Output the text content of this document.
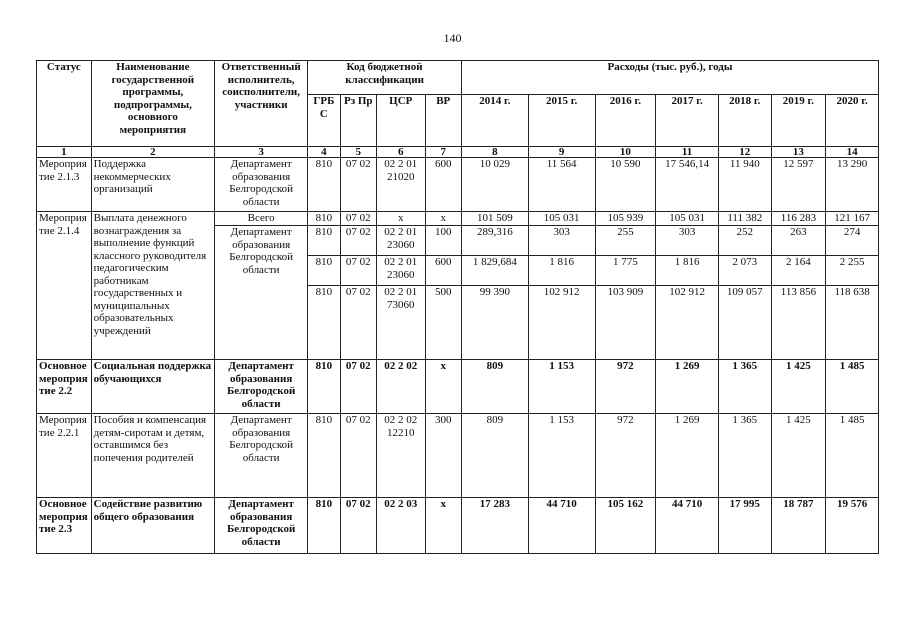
140
Статус	Наименование государственной программы, подпрограммы, основного мероприятия	Ответственный исполнитель, соисполнители, участники	Код бюджетной классификации				Расходы (тыс. руб.), годы						
			ГРБ С	Рз Пр	ЦСР	ВР	2014 г.	2015 г.	2016 г.	2017 г.	2018 г.	2019 г.	2020 г.
1	2	3	4	5	6	7	8	9	10	11	12	13	14
Мероприя тие 2.1.3	Поддержка некоммерческих организаций	Департамент образования Белгородской области	810	07 02	02 2 01 21020	600	10 029	11 564	10 590	17 546,14	11 940	12 597	13 290
Мероприя тие 2.1.4	Выплата денежного вознаграждения за выполнение функций классного руководителя педагогическим работникам государственных и муниципальных образовательных учреждений	Всего	810	07 02	x	x	101 509	105 031	105 939	105 031	111 382	116 283	121 167
		Департамент образования Белгородской области	810	07 02	02 2 01 23060	100	289,316	303	255	303	252	263	274
			810	07 02	02 2 01 23060	600	1 829,684	1 816	1 775	1 816	2 073	2 164	2 255
			810	07 02	02 2 01 73060	500	99 390	102 912	103 909	102 912	109 057	113 856	118 638
Основное мероприя тие 2.2	Социальная поддержка обучающихся	Департамент образования Белгородской области	810	07 02	02 2 02	x	809	1 153	972	1 269	1 365	1 425	1 485
Мероприя тие 2.2.1	Пособия и компенсация детям-сиротам и детям, оставшимся без попечения родителей	Департамент образования Белгородской области	810	07 02	02 2 02 12210	300	809	1 153	972	1 269	1 365	1 425	1 485
Основное мероприя тие 2.3	Содействие развитию общего образования	Департамент образования Белгородской области	810	07 02	02 2 03	x	17 283	44 710	105 162	44 710	17 995	18 787	19 576
